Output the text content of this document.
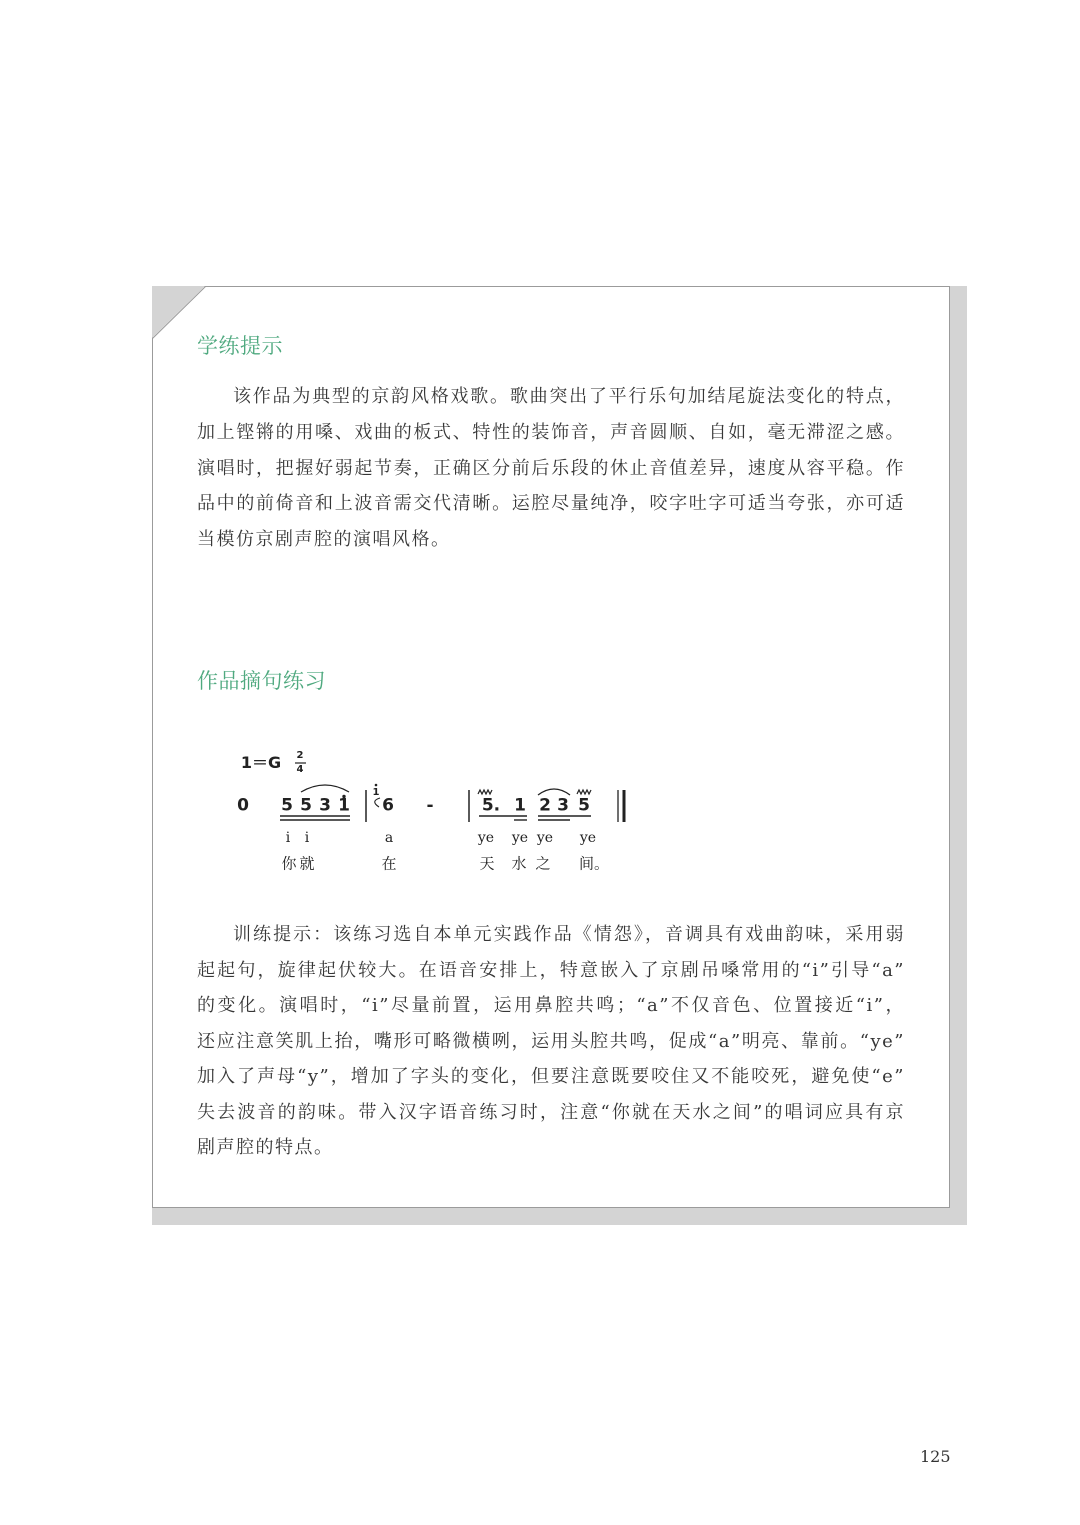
学练提示
该作品为典型的京韵风格戏歌。歌曲突出了平行乐句加结尾旋法变化的特点，
加上铿锵的用嗓、戏曲的板式、特性的装饰音，声音圆顺、自如，毫无滞涩之感。
演唱时，把握好弱起节奏，正确区分前后乐段的休止音值差异，速度从容平稳。作
品中的前倚音和上波音需交代清晰。运腔尽量纯净，咬字吐字可适当夸张，亦可适
当模仿京剧声腔的演唱风格。
作品摘句练习
1＝G 2
4
0 5 5 3 1
1
6 -	5. 1 2 3 5
i i	a	ye ye ye ye
你 就	在	天 水 之 间。
训练提示：该练习选自本单元实践作品《情怨》，音调具有戏曲韵味，采用弱
起起句，旋律起伏较大。在语音安排上，特意嵌入了京剧吊嗓常用的“i”引导“a”
的变化。演唱时，“i”尽量前置，运用鼻腔共鸣；“a”不仅音色、位置接近“i”，
还应注意笑肌上抬，嘴形可略微横咧，运用头腔共鸣，促成“a”明亮、靠前。“ye”
加入了声母“y”，增加了字头的变化，但要注意既要咬住又不能咬死，避免使“e”
失去波音的韵味。带入汉字语音练习时，注意“你就在天水之间”的唱词应具有京
剧声腔的特点。
125
